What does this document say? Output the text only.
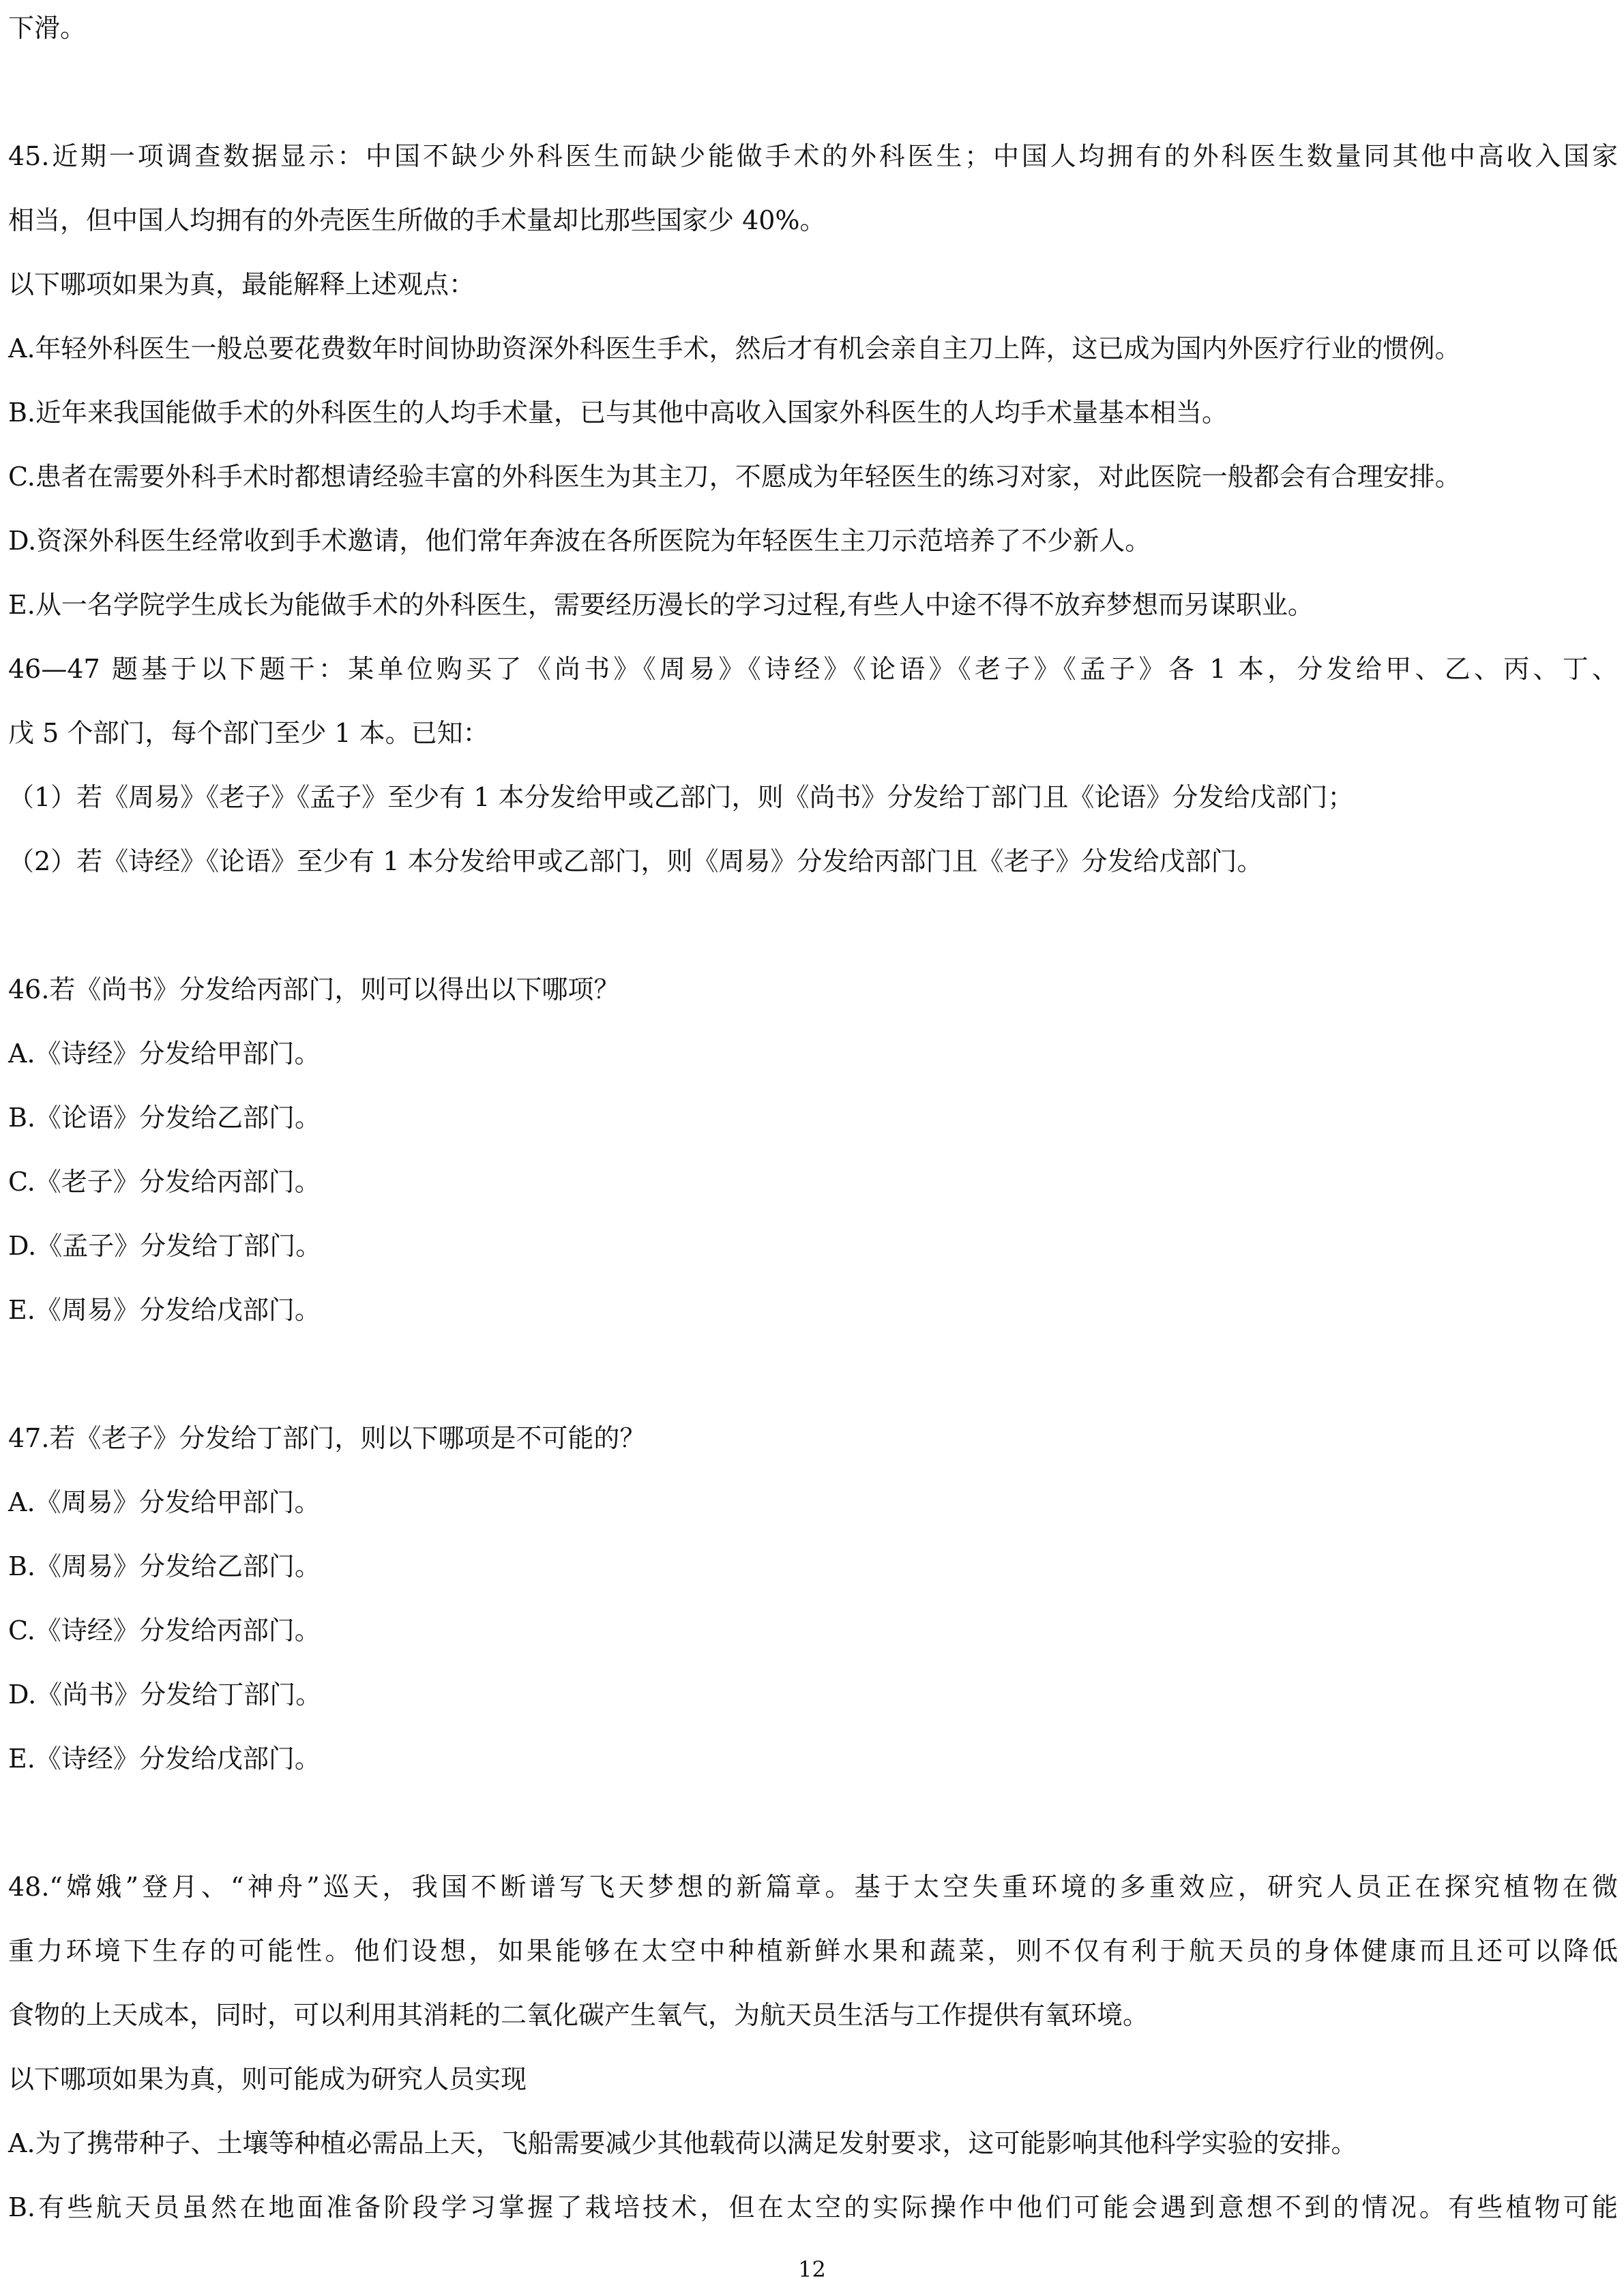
下滑。
45.近期一项调查数据显示：中国不缺少外科医生而缺少能做手术的外科医生；中国人均拥有的外科医生数量同其他中高收入国家
相当，但中国人均拥有的外壳医生所做的手术量却比那些国家少 40%。
以下哪项如果为真，最能解释上述观点：
A.年轻外科医生一般总要花费数年时间协助资深外科医生手术，然后才有机会亲自主刀上阵，这已成为国内外医疗行业的惯例。
B.近年来我国能做手术的外科医生的人均手术量，已与其他中高收入国家外科医生的人均手术量基本相当。
C.患者在需要外科手术时都想请经验丰富的外科医生为其主刀，不愿成为年轻医生的练习对家，对此医院一般都会有合理安排。
D.资深外科医生经常收到手术邀请，他们常年奔波在各所医院为年轻医生主刀示范培养了不少新人。
E.从一名学院学生成长为能做手术的外科医生，需要经历漫长的学习过程,有些人中途不得不放弃梦想而另谋职业。
46—47 题基于以下题干：某单位购买了《尚书》《周易》《诗经》《论语》《老子》《孟子》各 1 本，分发给甲、乙、丙、丁、
戊 5 个部门，每个部门至少 1 本。已知：
（1）若《周易》《老子》《孟子》至少有 1 本分发给甲或乙部门，则《尚书》分发给丁部门且《论语》分发给戊部门；
（2）若《诗经》《论语》至少有 1 本分发给甲或乙部门，则《周易》分发给丙部门且《老子》分发给戊部门。
46.若《尚书》分发给丙部门，则可以得出以下哪项？
A.《诗经》分发给甲部门。
B.《论语》分发给乙部门。
C.《老子》分发给丙部门。
D.《孟子》分发给丁部门。
E.《周易》分发给戊部门。
47.若《老子》分发给丁部门，则以下哪项是不可能的？
A.《周易》分发给甲部门。
B.《周易》分发给乙部门。
C.《诗经》分发给丙部门。
D.《尚书》分发给丁部门。
E.《诗经》分发给戊部门。
48.“嫦娥”登月、“神舟”巡天，我国不断谱写飞天梦想的新篇章。基于太空失重环境的多重效应，研究人员正在探究植物在微
重力环境下生存的可能性。他们设想，如果能够在太空中种植新鲜水果和蔬菜，则不仅有利于航天员的身体健康而且还可以降低
食物的上天成本，同时，可以利用其消耗的二氧化碳产生氧气，为航天员生活与工作提供有氧环境。
以下哪项如果为真，则可能成为研究人员实现
A.为了携带种子、土壤等种植必需品上天，飞船需要减少其他载荷以满足发射要求，这可能影响其他科学实验的安排。
B.有些航天员虽然在地面准备阶段学习掌握了栽培技术，但在太空的实际操作中他们可能会遇到意想不到的情况。有些植物可能
12
